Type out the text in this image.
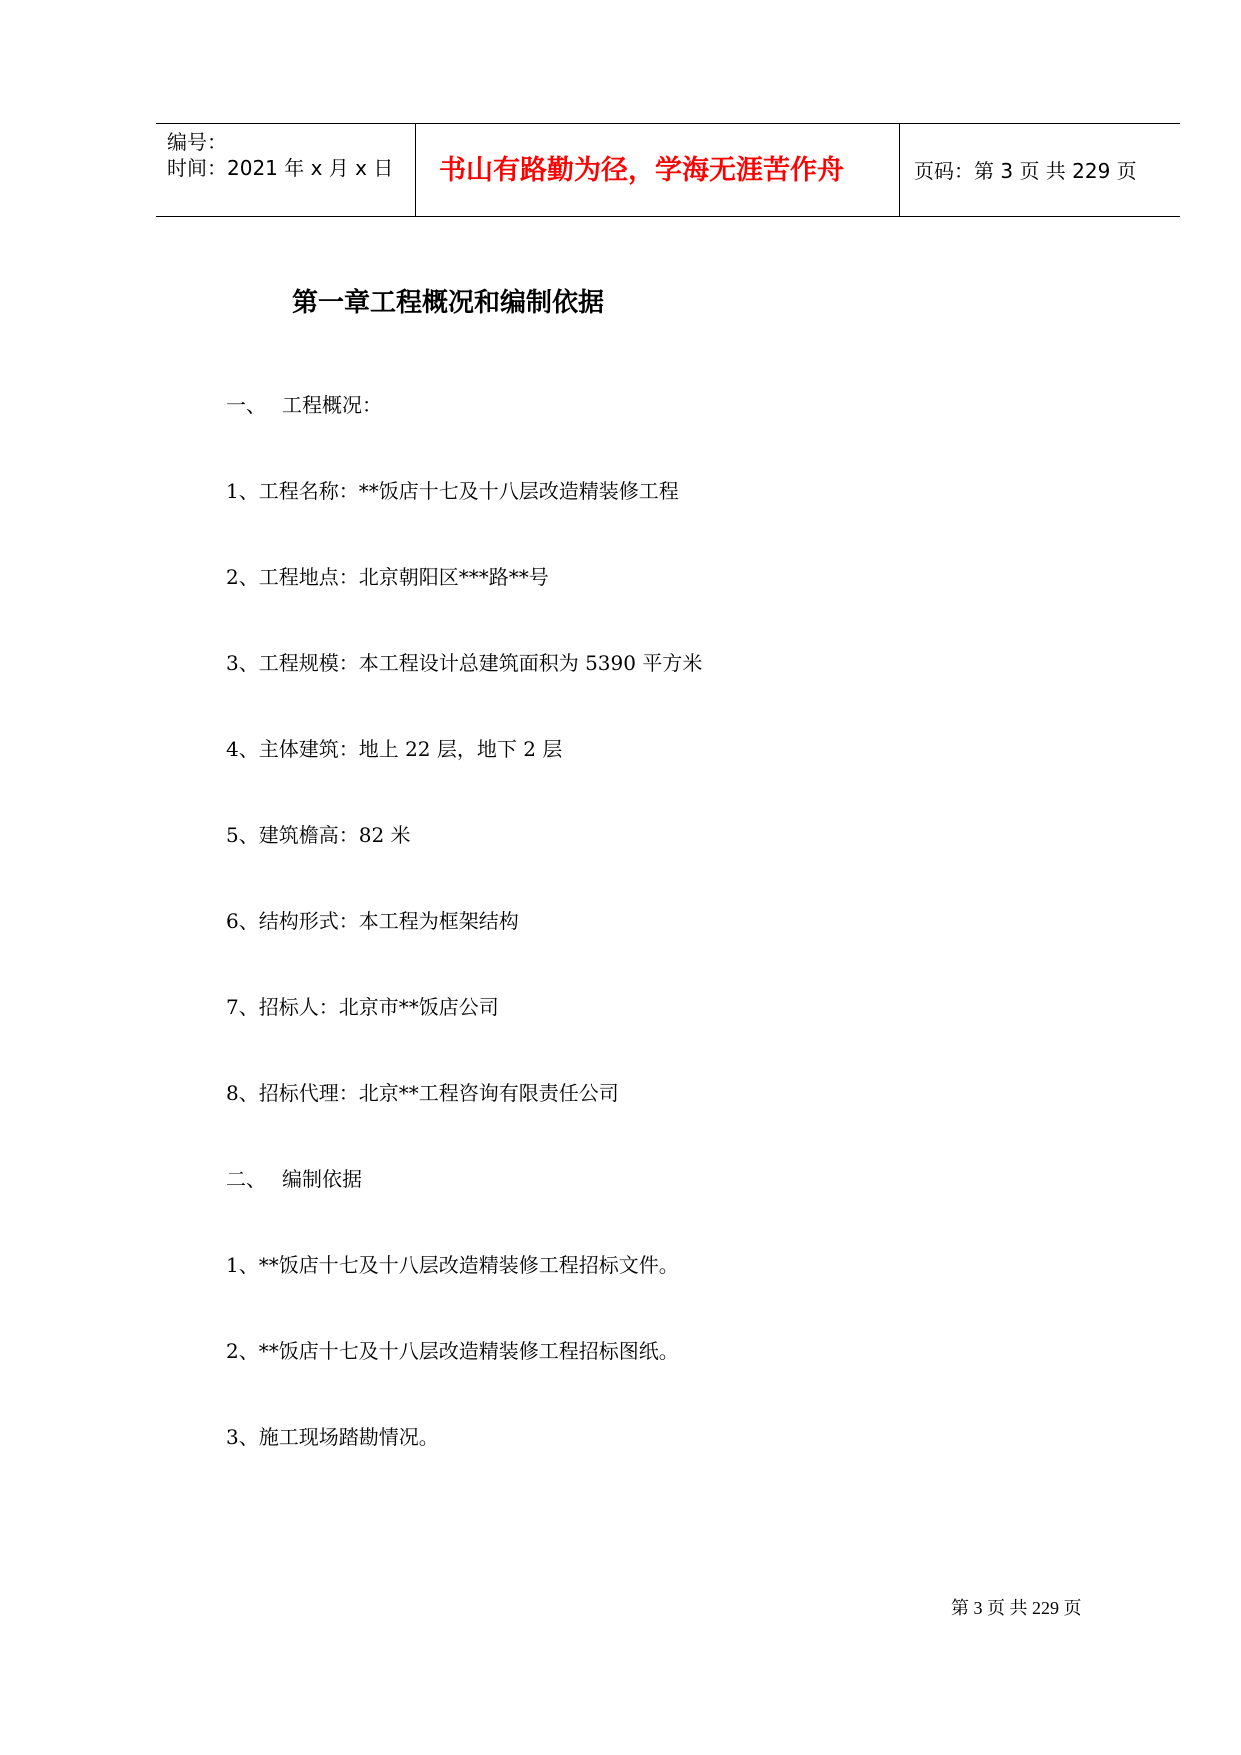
编号：
时间：2021 年 x 月 x 日 书山有路勤为径，学海无涯苦作舟	页码：第 3 页 共 229 页
第一章工程概况和编制依据
一、 工程概况：
1、工程名称：**饭店十七及十八层改造精装修工程
2、工程地点：北京朝阳区***路**号
3、工程规模：本工程设计总建筑面积为 5390 平方米
4、主体建筑：地上 22 层，地下 2 层
5、建筑檐高：82 米
6、结构形式：本工程为框架结构
7、招标人：北京市**饭店公司
8、招标代理：北京**工程咨询有限责任公司
二、 编制依据
1、**饭店十七及十八层改造精装修工程招标文件。
2、**饭店十七及十八层改造精装修工程招标图纸。
3、施工现场踏勘情况。
第 3 页 共 229 页
